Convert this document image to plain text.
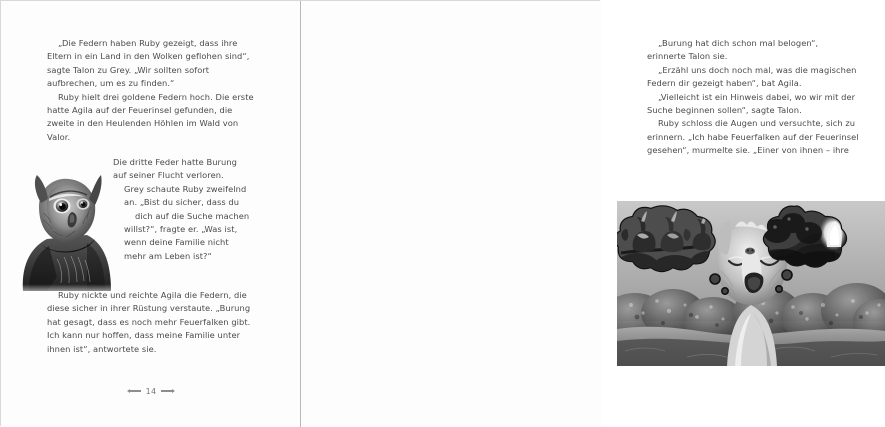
„Die Federn haben Ruby gezeigt, dass ihre Eltern in ein Land in den Wolken geflohen sind“, sagte Talon zu Grey. „Wir sollten sofort aufbrechen, um es zu finden.“

Ruby hielt drei goldene Federn hoch. Die erste hatte Agila auf der Feuerinsel gefunden, die zweite in den Heulenden Höhlen im Wald von Valor.

Die dritte Feder hatte Burung

auf seiner Flucht verloren.

Grey schaute Ruby zweifelnd

an. „Bist du sicher, dass du

dich auf die Suche machen

willst?“, fragte er. „Was ist,

wenn deine Familie nicht

mehr am Leben ist?“

Ruby nickte und reichte Agila die Federn, die diese sicher in ihrer Rüstung verstaute. „Burung hat gesagt, dass es noch mehr Feuerfalken gibt. Ich kann nur hoffen, dass meine Familie unter ihnen ist“, antwortete sie.

14

„Burung hat dich schon mal belogen“, erinnerte Talon sie.

„Erzähl uns doch noch mal, was die magischen Federn dir gezeigt haben“, bat Agila.

„Vielleicht ist ein Hinweis dabei, wo wir mit der Suche beginnen sollen“, sagte Talon.

Ruby schloss die Augen und versuchte, sich zu erinnern. „Ich habe Feuerfalken auf der Feuerinsel gesehen“, murmelte sie. „Einer von ihnen – ihre
